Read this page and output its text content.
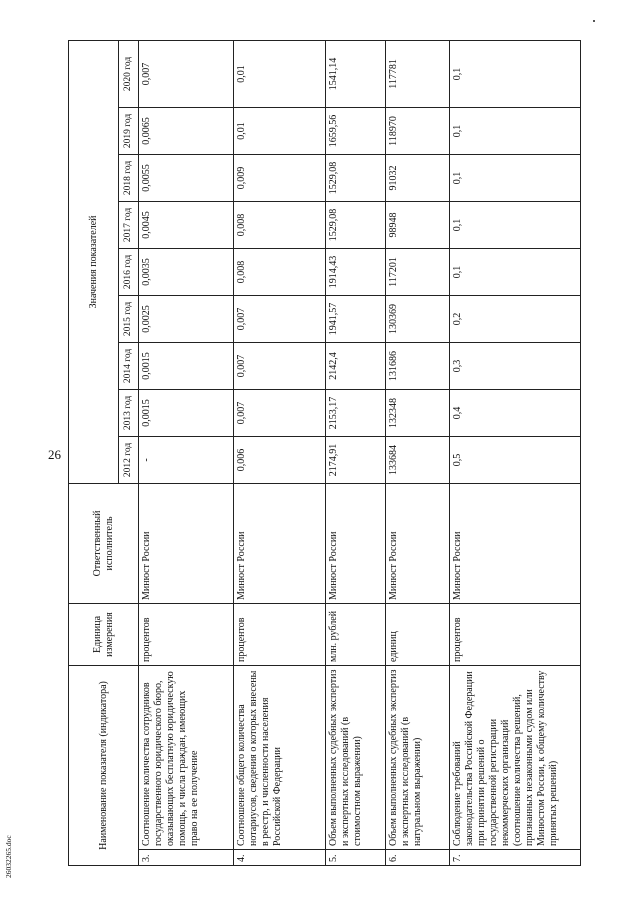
26
26032265.doc
Наименование показателя (индикатора)		Единица измерения	Ответственный исполнитель	Значения показателей								
				2012 год	2013 год	2014 год	2015 год	2016 год	2017 год	2018 год	2019 год	2020 год
3.	Соотношение количества сотрудников государственного юридического бюро, оказывающих бесплатную юридическую помощь, и числа граждан, имеющих право на ее получение	процентов	Минюст России	-	0,0015	0,0015	0,0025	0,0035	0,0045	0,0055	0,0065	0,007
4.	Соотношение общего количества нотариусов, сведения о которых внесены в реестр, и численности населения Российской Федерации	процентов	Минюст России	0,006	0,007	0,007	0,007	0,008	0,008	0,009	0,01	0,01
5.	Объем выполненных судебных экспертиз и экспертных исследований (в стоимостном выражении)	млн. рублей	Минюст России	2174,91	2153,17	2142,4	1941,57	1914,43	1529,08	1529,08	1659,56	1541,14
6.	Объем выполненных судебных экспертиз и экспертных исследований (в натуральном выражении)	единиц	Минюст России	133684	132348	131686	130369	117201	98948	91032	118970	117781
7.	Соблюдение требований законодательства Российской Федерации при принятии решений о государственной регистрации некоммерческих организаций (соотношение количества решений, признанных незаконными судом или Минюстом России, к общему количеству принятых решений)	процентов	Минюст России	0,5	0,4	0,3	0,2	0,1	0,1	0,1	0,1	0,1
